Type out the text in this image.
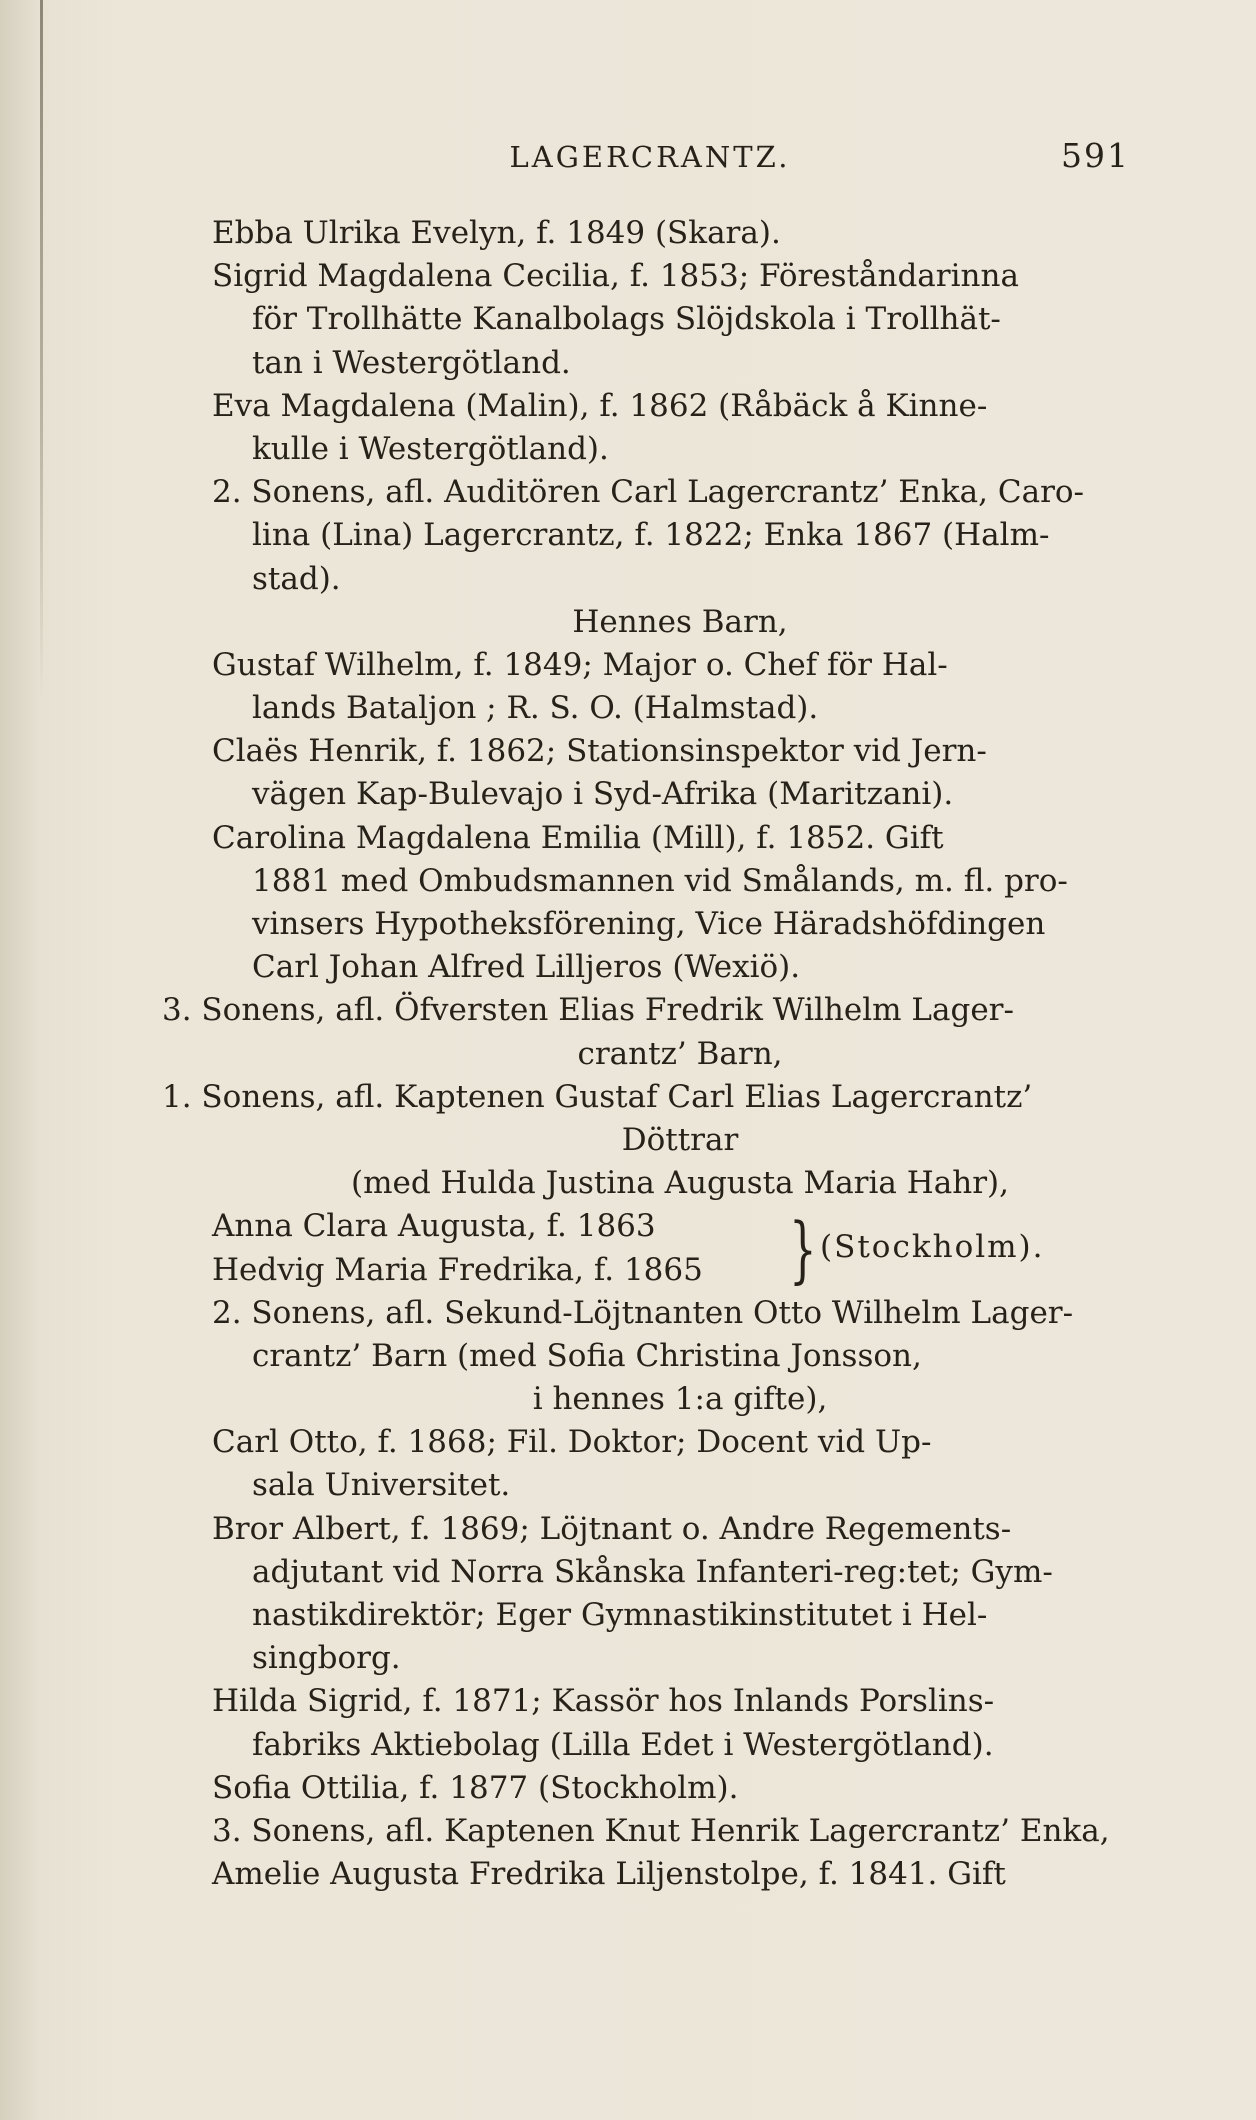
LAGERCRANTZ.	591
Ebba Ulrika Evelyn, f. 1849 (Skara).
Sigrid Magdalena Cecilia, f. 1853; Föreståndarinna
för Trollhätte Kanalbolags Slöjdskola i Trollhät-
tan i Westergötland.
Eva Magdalena (Malin), f. 1862 (Råbäck å Kinne-
kulle i Westergötland).
2. Sonens, afl. Auditören Carl Lagercrantz’ Enka, Caro-
lina (Lina) Lagercrantz, f. 1822; Enka 1867 (Halm-
stad).
Hennes Barn,
Gustaf Wilhelm, f. 1849; Major o. Chef för Hal-
lands Bataljon ; R. S. O. (Halmstad).
Claës Henrik, f. 1862; Stationsinspektor vid Jern-
vägen Kap-Bulevajo i Syd-Afrika (Maritzani).
Carolina Magdalena Emilia (Mill), f. 1852. Gift
1881 med Ombudsmannen vid Smålands, m. fl. pro-
vinsers Hypotheksförening, Vice Häradshöfdingen
Carl Johan Alfred Lilljeros (Wexiö).
3. Sonens, afl. Öfversten Elias Fredrik Wilhelm Lager-
crantz’ Barn,
1. Sonens, afl. Kaptenen Gustaf Carl Elias Lagercrantz’
Döttrar
(med Hulda Justina Augusta Maria Hahr),
Anna Clara Augusta, f. 1863
Hedvig Maria Fredrika, f. 1865 } (Stockholm).
2. Sonens, afl. Sekund-Löjtnanten Otto Wilhelm Lager-
crantz’ Barn (med Sofia Christina Jonsson,
i hennes 1:a gifte),
Carl Otto, f. 1868; Fil. Doktor; Docent vid Up-
sala Universitet.
Bror Albert, f. 1869; Löjtnant o. Andre Regements-
adjutant vid Norra Skånska Infanteri-reg:tet; Gym-
nastikdirektör; Eger Gymnastikinstitutet i Hel-
singborg.
Hilda Sigrid, f. 1871; Kassör hos Inlands Porslins-
fabriks Aktiebolag (Lilla Edet i Westergötland).
Sofia Ottilia, f. 1877 (Stockholm).
3. Sonens, afl. Kaptenen Knut Henrik Lagercrantz’ Enka,
Amelie Augusta Fredrika Liljenstolpe, f. 1841. Gift
